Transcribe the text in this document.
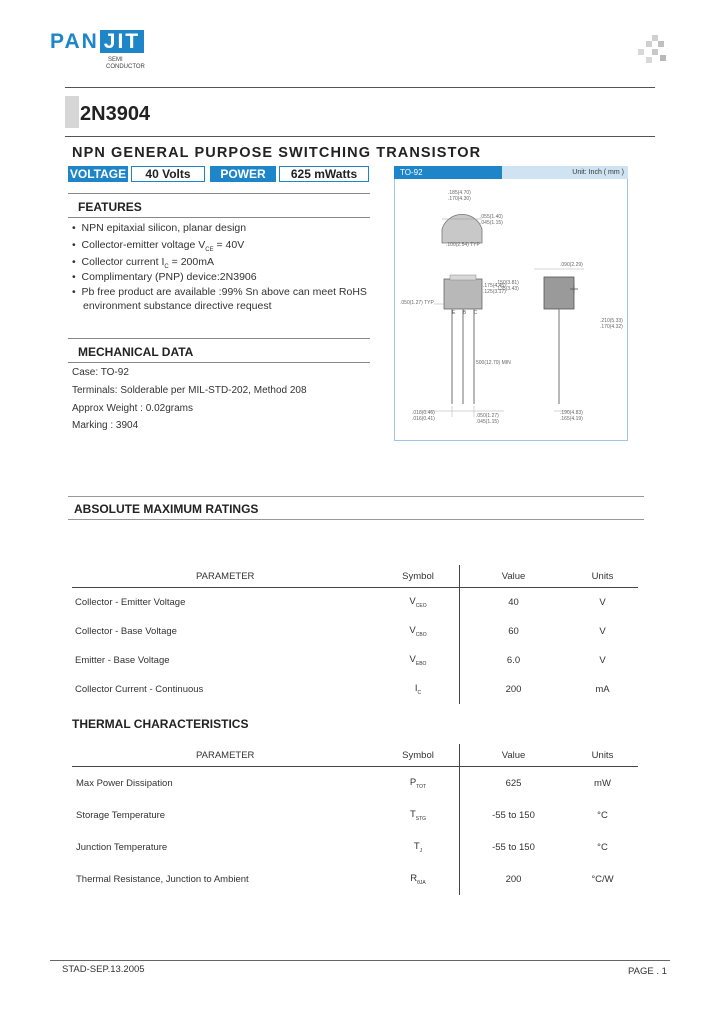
PAN JIT
SEMI
CONDUCTOR
2N3904
NPN GENERAL PURPOSE SWITCHING TRANSISTOR
VOLTAGE	40 Volts	POWER	625 mWatts
FEATURES
•  NPN epitaxial silicon, planar design
•  Collector-emitter voltage $V_{CE} = 40V$
•  Collector current $I_C = 200mA$
•  Complimentary (PNP) device:2N3906
•  Pb free product are available :99% Sn above can meet RoHS
environment substance directive request
MECHANICAL DATA
Case: TO-92
Terminals: Solderable per MIL-STD-202, Method 208
Approx Weight : 0.02grams
Marking : 3904
TO-92	Unit: Inch ( mm )
.185(4.70)
.170(4.30)
.055(1.40)
.045(1.15)
.100(2.54) TYP
.175(4.45)
.125(3.17)
.050(1.27) TYP
.018(0.46)
.016(0.41)	.050(1.27)
.045(1.15)
500(12.70) MIN
.090(2.29)
.210(5.33)
.170(4.32)
.190(4.83)
.165(4.19)
.150(3.81)
.135(3.43)
E B C
ABSOLUTE MAXIMUM RATINGS
PARAMETER	Symbol	Value	Units
Collector - Emitter Voltage	$V_{CEO}$	40	V
Collector - Base Voltage	$V_{CBO}$	60	V
Emitter - Base Voltage	$V_{EBO}$	6.0	V
Collector Current - Continuous	$I_C$	200	mA
THERMAL CHARACTERISTICS
PARAMETER	Symbol	Value	Units
Max Power Dissipation	$P_{TOT}$	625	mW
Storage Temperature	$T_{STG}$	-55 to 150	°C
Junction Temperature	$T_J$	-55 to 150	°C
Thermal Resistance, Junction to Ambient	$R_{\theta JA}$	200	°C/W
STAD-SEP.13.2005	PAGE . 1
